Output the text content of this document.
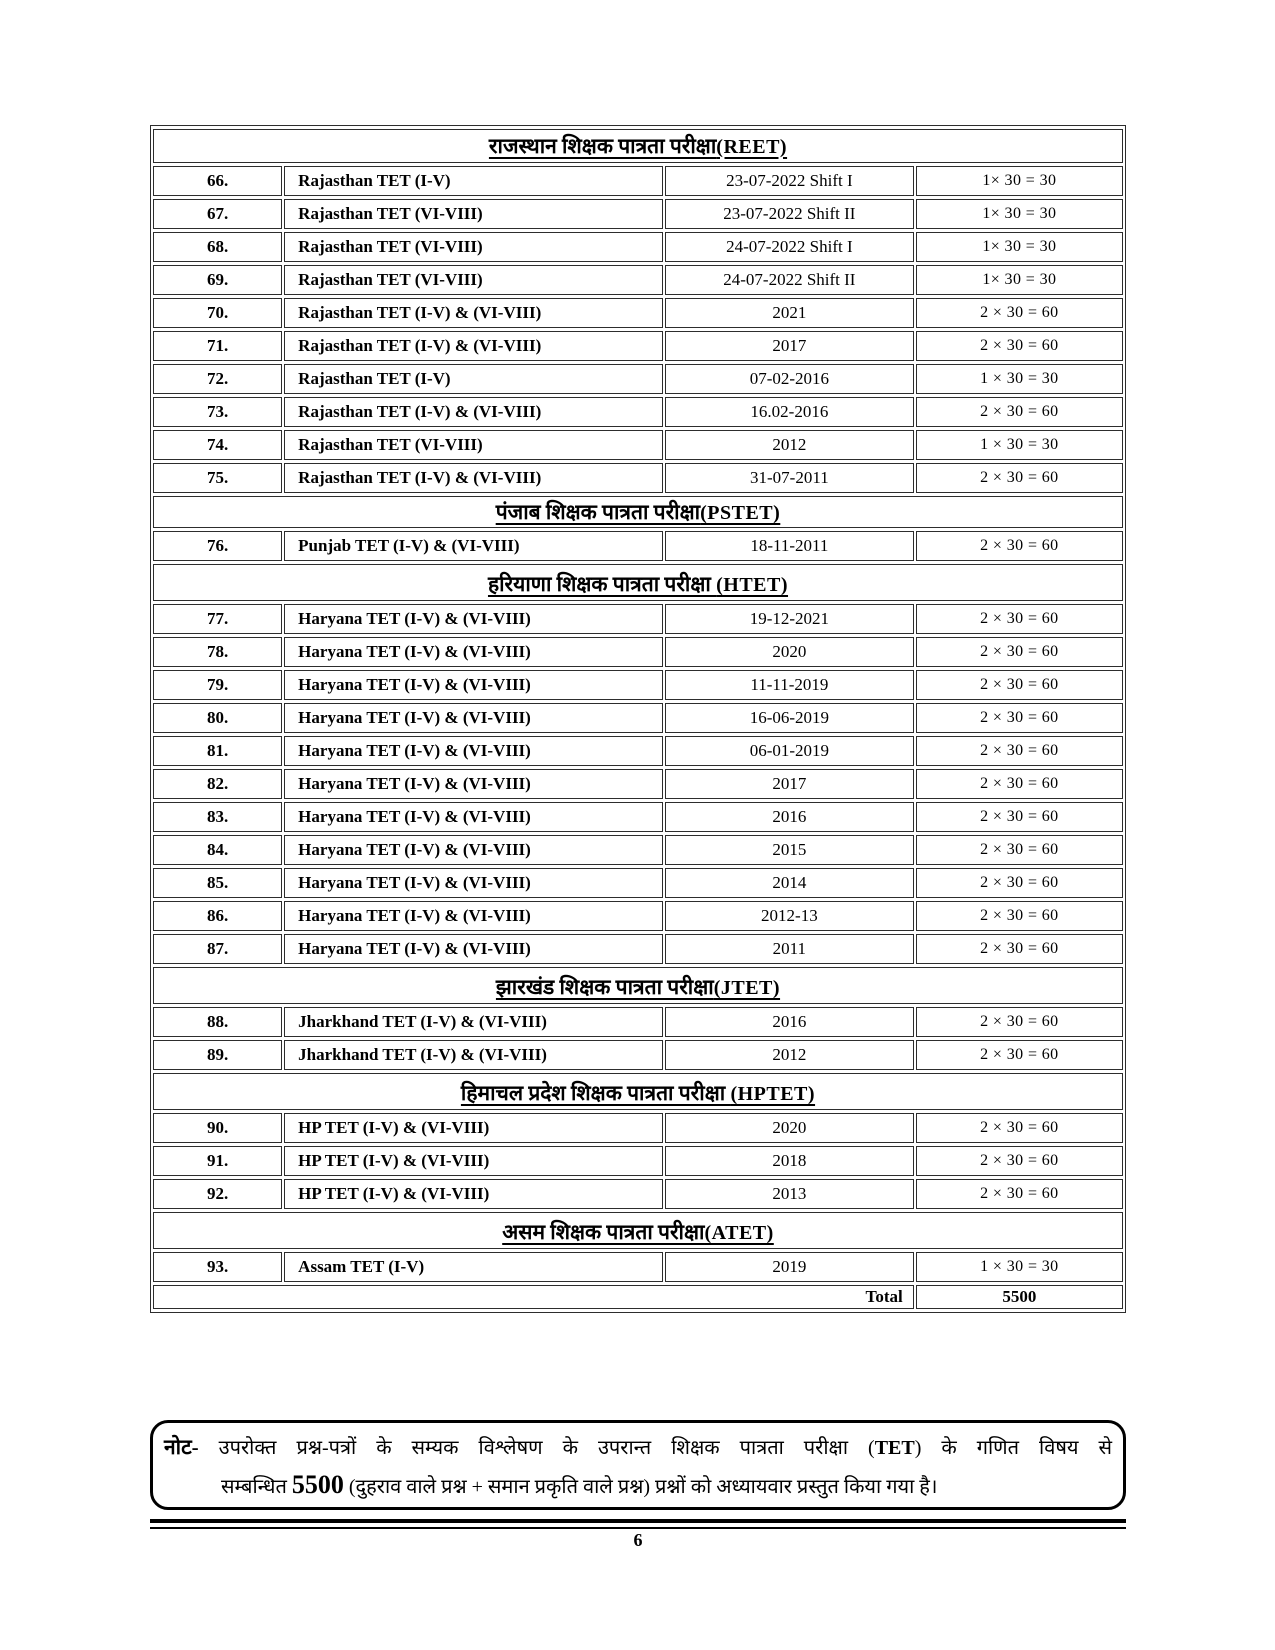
राजस्थान शिक्षक पात्रता परीक्षा(REET)			
66.	Rajasthan TET (I-V)	23-07-2022 Shift I	1× 30 = 30
67.	Rajasthan TET (VI-VIII)	23-07-2022 Shift II	1× 30 = 30
68.	Rajasthan TET (VI-VIII)	24-07-2022 Shift I	1× 30 = 30
69.	Rajasthan TET (VI-VIII)	24-07-2022 Shift II	1× 30 = 30
70.	Rajasthan TET (I-V) & (VI-VIII)	2021	2 × 30 = 60
71.	Rajasthan TET (I-V) & (VI-VIII)	2017	2 × 30 = 60
72.	Rajasthan TET (I-V)	07-02-2016	1 × 30 = 30
73.	Rajasthan TET (I-V) & (VI-VIII)	16.02-2016	2 × 30 = 60
74.	Rajasthan TET (VI-VIII)	2012	1 × 30 = 30
75.	Rajasthan TET (I-V) & (VI-VIII)	31-07-2011	2 × 30 = 60
पंजाब शिक्षक पात्रता परीक्षा(PSTET)			
76.	Punjab TET (I-V) & (VI-VIII)	18-11-2011	2 × 30 = 60
हरियाणा शिक्षक पात्रता परीक्षा (HTET)			
77.	Haryana TET (I-V) & (VI-VIII)	19-12-2021	2 × 30 = 60
78.	Haryana TET (I-V) & (VI-VIII)	2020	2 × 30 = 60
79.	Haryana TET (I-V) & (VI-VIII)	11-11-2019	2 × 30 = 60
80.	Haryana TET (I-V) & (VI-VIII)	16-06-2019	2 × 30 = 60
81.	Haryana TET (I-V) & (VI-VIII)	06-01-2019	2 × 30 = 60
82.	Haryana TET (I-V) & (VI-VIII)	2017	2 × 30 = 60
83.	Haryana TET (I-V) & (VI-VIII)	2016	2 × 30 = 60
84.	Haryana TET (I-V) & (VI-VIII)	2015	2 × 30 = 60
85.	Haryana TET (I-V) & (VI-VIII)	2014	2 × 30 = 60
86.	Haryana TET (I-V) & (VI-VIII)	2012-13	2 × 30 = 60
87.	Haryana TET (I-V) & (VI-VIII)	2011	2 × 30 = 60
झारखंड शिक्षक पात्रता परीक्षा(JTET)			
88.	Jharkhand TET (I-V) & (VI-VIII)	2016	2 × 30 = 60
89.	Jharkhand TET (I-V) & (VI-VIII)	2012	2 × 30 = 60
हिमाचल प्रदेश शिक्षक पात्रता परीक्षा (HPTET)			
90.	HP TET (I-V) & (VI-VIII)	2020	2 × 30 = 60
91.	HP TET (I-V) & (VI-VIII)	2018	2 × 30 = 60
92.	HP TET (I-V) & (VI-VIII)	2013	2 × 30 = 60
असम शिक्षक पात्रता परीक्षा(ATET)			
93.	Assam TET (I-V)	2019	1 × 30 = 30
Total			5500
नोट- उपरोक्त प्रश्न-पत्रों के सम्यक विश्लेषण के उपरान्त शिक्षक पात्रता परीक्षा (TET) के गणित विषय से
सम्बन्धित 5500 (दुहराव वाले प्रश्न + समान प्रकृति वाले प्रश्न) प्रश्नों को अध्यायवार प्रस्तुत किया गया है।
6
